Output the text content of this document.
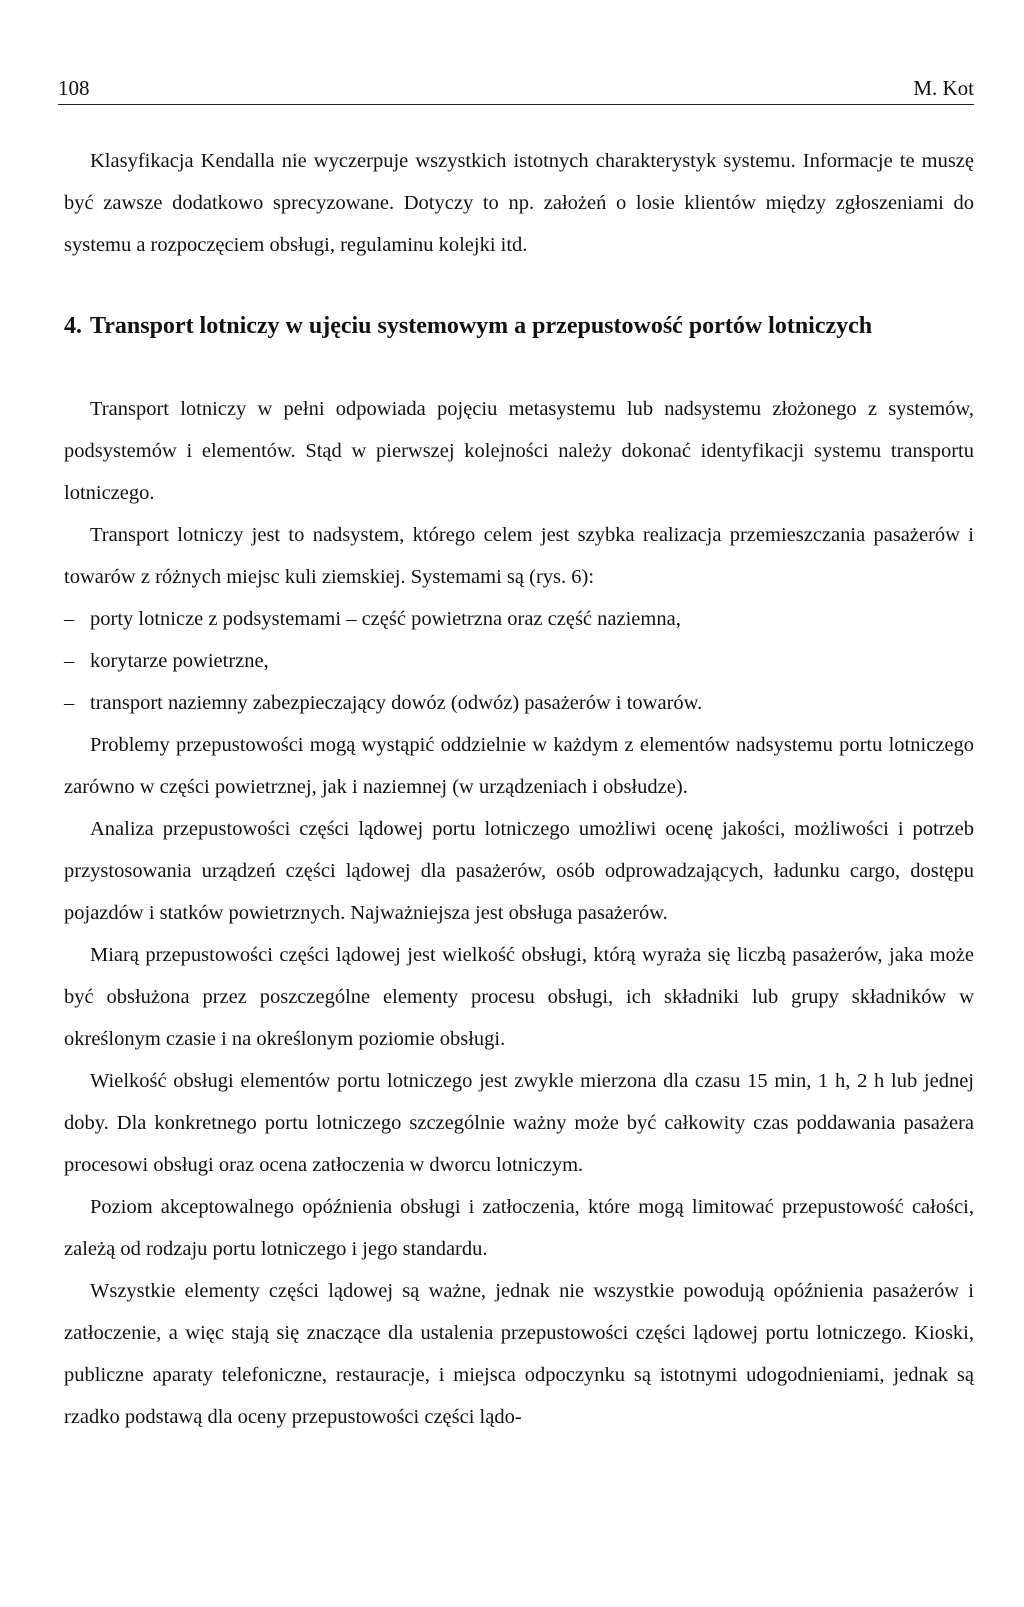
108	M. Kot

Klasyfikacja Kendalla nie wyczerpuje wszystkich istotnych charakterystyk systemu. Informacje te muszę być zawsze dodatkowo sprecyzowane. Dotyczy to np. założeń o losie klientów między zgłoszeniami do systemu a rozpoczęciem obsługi, regulaminu kolejki itd.

4. Transport lotniczy w ujęciu systemowym a przepustowość portów lotniczych

Transport lotniczy w pełni odpowiada pojęciu metasystemu lub nadsystemu złożonego z systemów, podsystemów i elementów. Stąd w pierwszej kolejności należy dokonać identyfikacji systemu transportu lotniczego.

Transport lotniczy jest to nadsystem, którego celem jest szybka realizacja przemieszczania pasażerów i towarów z różnych miejsc kuli ziemskiej. Systemami są (rys. 6):

– porty lotnicze z podsystemami – część powietrzna oraz część naziemna,
– korytarze powietrzne,
– transport naziemny zabezpieczający dowóz (odwóz) pasażerów i towarów.

Problemy przepustowości mogą wystąpić oddzielnie w każdym z elementów nadsystemu portu lotniczego zarówno w części powietrznej, jak i naziemnej (w urządzeniach i obsłudze).

Analiza przepustowości części lądowej portu lotniczego umożliwi ocenę jakości, możliwości i potrzeb przystosowania urządzeń części lądowej dla pasażerów, osób odprowadzających, ładunku cargo, dostępu pojazdów i statków powietrznych. Najważniejsza jest obsługa pasażerów.

Miarą przepustowości części lądowej jest wielkość obsługi, którą wyraża się liczbą pasażerów, jaka może być obsłużona przez poszczególne elementy procesu obsługi, ich składniki lub grupy składników w określonym czasie i na określonym poziomie obsługi.

Wielkość obsługi elementów portu lotniczego jest zwykle mierzona dla czasu 15 min, 1 h, 2 h lub jednej doby. Dla konkretnego portu lotniczego szczególnie ważny może być całkowity czas poddawania pasażera procesowi obsługi oraz ocena zatłoczenia w dworcu lotniczym.

Poziom akceptowalnego opóźnienia obsługi i zatłoczenia, które mogą limitować przepustowość całości, zależą od rodzaju portu lotniczego i jego standardu.

Wszystkie elementy części lądowej są ważne, jednak nie wszystkie powodują opóźnienia pasażerów i zatłoczenie, a więc stają się znaczące dla ustalenia przepustowości części lądowej portu lotniczego. Kioski, publiczne aparaty telefoniczne, restauracje, i miejsca odpoczynku są istotnymi udogodnieniami, jednak są rzadko podstawą dla oceny przepustowości części lądo-
